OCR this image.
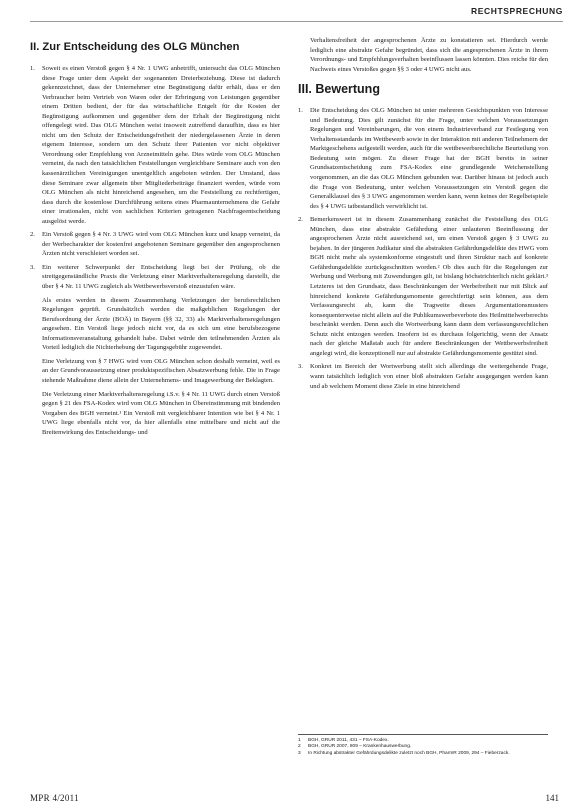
RECHTSPRECHUNG
II. Zur Entscheidung des OLG München
1. Soweit es einen Verstoß gegen § 4 Nr. 1 UWG anbetrifft, untersucht das OLG München diese Frage unter dem Aspekt der sogenannten Dreierbeziehung. Diese ist dadurch gekennzeichnet, dass der Unternehmer eine Begünstigung dafür erhält, dass er den Verbraucher beim Vertrieb von Waren oder der Erbringung von Leistungen gegenüber einem Dritten bedient, der für das wirtschaftliche Entgelt für die Kosten der Begünstigung aufkommen und gegenüber dem der Erhalt der Begünstigung nicht offengelegt wird. Das OLG München weist insoweit zutreffend daraufhin, dass es hier nicht um den Schutz der Entscheidungsfreiheit der niedergelassenen Ärzte in deren eigenem Interesse, sondern um den Schutz ihrer Patienten vor nicht objektiver Verordnung oder Empfehlung von Arzneimitteln gehe. Dies würde vom OLG München verneint, da nach den tatsächlichen Feststellungen vergleichbare Seminare auch von den kassenärztlichen Vereinigungen unentgeltlich angeboten würden. Der Umstand, dass diese Seminare zwar allgemein über Mitgliederbeiträge finanziert werden, würde vom OLG München als nicht hinreichend angesehen, um die Feststellung zu rechtfertigen, dass durch die kostenlose Durchführung seitens eines Pharmaunternehmens die Gefahr einer irrationalen, nicht von sachlichen Kriterien getragenen Nachfrageentscheidung ausgelöst werde.
2. Ein Verstoß gegen § 4 Nr. 3 UWG wird vom OLG München kurz und knapp verneint, da der Werbecharakter der kostenfrei angebotenen Seminare gegenüber den angesprochenen Ärzten nicht verschleiert worden sei.
3. Ein weiterer Schwerpunkt der Entscheidung liegt bei der Prüfung, ob die streitgegenständliche Praxis die Verletzung einer Marktverhaltensregelung darstellt, die über § 4 Nr. 11 UWG zugleich als Wettbewerbsverstoß einzustufen wäre.

Als erstes werden in diesem Zusammenhang Verletzungen der berufsrechtlichen Regelungen geprüft. Grundsätzlich werden die maßgeblichen Regelungen der Berufsordnung der Ärzte (BOÄ) in Bayern (§§ 32, 33) als Marktverhaltensregelungen angesehen. Ein Verstoß liege jedoch nicht vor, da es sich um eine berufsbezogene Informationsveranstaltung gehandelt habe. Dabei würde den teilnehmenden Ärzten als Vorteil lediglich die Nichterhebung der Tagungsgebühr zugewendet.

Eine Verletzung von § 7 HWG wird vom OLG München schon deshalb verneint, weil es an der Grundvoraussetzung einer produktspezifischen Absatzwerbung fehle. Die in Frage stehende Maßnahme diene allein der Unternehmens- und Imagewerbung der Beklagten.

Die Verletzung einer Marktverhaltensregelung i.S.v. § 4 Nr. 11 UWG durch einen Verstoß gegen § 21 des FSA-Kodex wird vom OLG München in Übereinstimmung mit bindenden Vorgaben des BGH verneint.¹ Ein Verstoß mit vergleichbarer Intention wie bei § 4 Nr. 1 UWG liege ebenfalls nicht vor, da hier allenfalls eine mittelbare und nicht auf die Breitenwirkung des Entscheidungs- und

Verhaltensfreiheit der angesprochenen Ärzte zu konstatieren sei. Hierdurch werde lediglich eine abstrakte Gefahr begründet, dass sich die angesprochenen Ärzte in ihrem Verordnungs- und Empfehlungsverhalten beeinflussen lassen könnten. Dies reiche für den Nachweis eines Verstoßes gegen §§ 3 oder 4 UWG nicht aus.

III. Bewertung
1. Die Entscheidung des OLG München ist unter mehreren Gesichtspunkten von Interesse und Bedeutung. Dies gilt zunächst für die Frage, unter welchen Voraussetzungen Regelungen und Vereinbarungen, die von einem Industrieverband zur Festlegung von Verhaltensstandards im Wettbewerb sowie in der Interaktion mit anderen Teilnehmern der Marktgeschehens aufgestellt werden, auch für die wettbewerbsrechtliche Beurteilung von Bedeutung sein mögen. Zu dieser Frage hat der BGH bereits in seiner Grundsatzentscheidung zum FSA-Kodex eine grundlegende Weichenstellung vorgenommen, an die das OLG München gebunden war. Darüber hinaus ist jedoch auch die Frage von Bedeutung, unter welchen Voraussetzungen ein Verstoß gegen die Generalklausel des § 3 UWG angenommen werden kann, wenn keines der Regelbeispiele des § 4 UWG tatbestandlich verwirklicht ist.
2. Bemerkenswert ist in diesem Zusammenhang zunächst die Feststellung des OLG München, dass eine abstrakte Gefährdung einer unlauteren Beeinflussung der angesprochenen Ärzte nicht ausreichend sei, um einen Verstoß gegen § 3 UWG zu bejahen. In der jüngeren Judikatur sind die abstrakten Gefährdungsdelikte des HWG vom BGH nicht mehr als systemkonforme eingestuft und ihren Struktur nach auf konkrete Gefährdungsdelikte zurückgeschnitten worden.² Ob dies auch für die Regelungen zur Werbung und Werbung mit Zuwendungen gilt, ist bislang höchstrichterlich nicht geklärt.³ Letzteres ist den Grundsatz, dass Beschränkungen der Werbefreiheit nur mit Blick auf hinreichend konkrete Gefährdungsmomente gerechtfertigt sein können, aus dem Verfassungsrecht ab, kann die Tragweite dieses Argumentationsmusters konsequenterweise nicht allein auf die Publikumswerbeverbote des Heilmittelwerberechts beschränkt werden. Denn auch die Wortwerbung kann dann dem verfassungsrechtlichen Schutz nicht entzogen werden. Insofern ist es durchaus folgerichtig, wenn der Ansatz nach der gleiche Maßstab auch für andere Beschränkungen der Wettbewerbsfreiheit angelegt wird, die konzeptionell nur auf abstrakte Gefährdungsmomente gestützt sind.
3. Konkret im Bereich der Wortwerbung stellt sich allerdings die weitergehende Frage, wann tatsächlich lediglich von einer bloß abstrakten Gefahr ausgegangen werden kann und ab welchem Moment diese Ziele in eine hinreichend
1	BGH, GRUR 2011, 431 – FSA-Kodex.
2	BGH, GRUR 2007, 809 – Krankenhauswerbung.
3	In Richtung abstrakter Gefährdungsdelikte zuletzt noch BGH, PharmR 2009, 294 – Fieberzack.
MPR 4/2011	141
